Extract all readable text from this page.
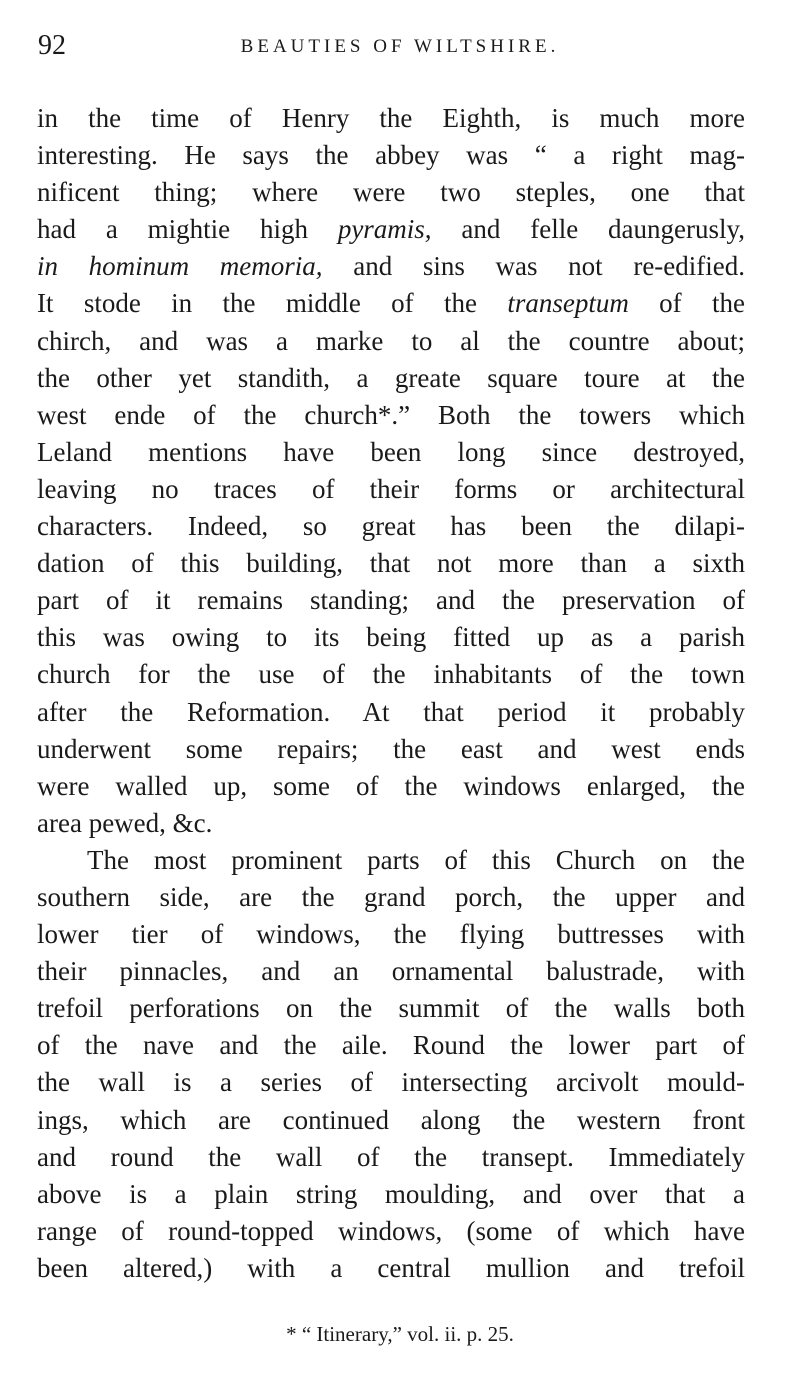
92	BEAUTIES OF WILTSHIRE.
in the time of Henry the Eighth, is much more
interesting. He says the abbey was “ a right mag-
nificent thing; where were two steples, one that
had a mightie high pyramis, and felle daungerusly,
in hominum memoria, and sins was not re-edified.
It stode in the middle of the transeptum of the
chirch, and was a marke to al the countre about;
the other yet standith, a greate square toure at the
west ende of the church*.” Both the towers which
Leland mentions have been long since destroyed,
leaving no traces of their forms or architectural
characters. Indeed, so great has been the dilapi-
dation of this building, that not more than a sixth
part of it remains standing; and the preservation of
this was owing to its being fitted up as a parish
church for the use of the inhabitants of the town
after the Reformation. At that period it probably
underwent some repairs; the east and west ends
were walled up, some of the windows enlarged, the
area pewed, &c.
The most prominent parts of this Church on the
southern side, are the grand porch, the upper and
lower tier of windows, the flying buttresses with
their pinnacles, and an ornamental balustrade, with
trefoil perforations on the summit of the walls both
of the nave and the aile. Round the lower part of
the wall is a series of intersecting arcivolt mould-
ings, which are continued along the western front
and round the wall of the transept. Immediately
above is a plain string moulding, and over that a
range of round-topped windows, (some of which have
been altered,) with a central mullion and trefoil
* “ Itinerary,” vol. ii. p. 25.
